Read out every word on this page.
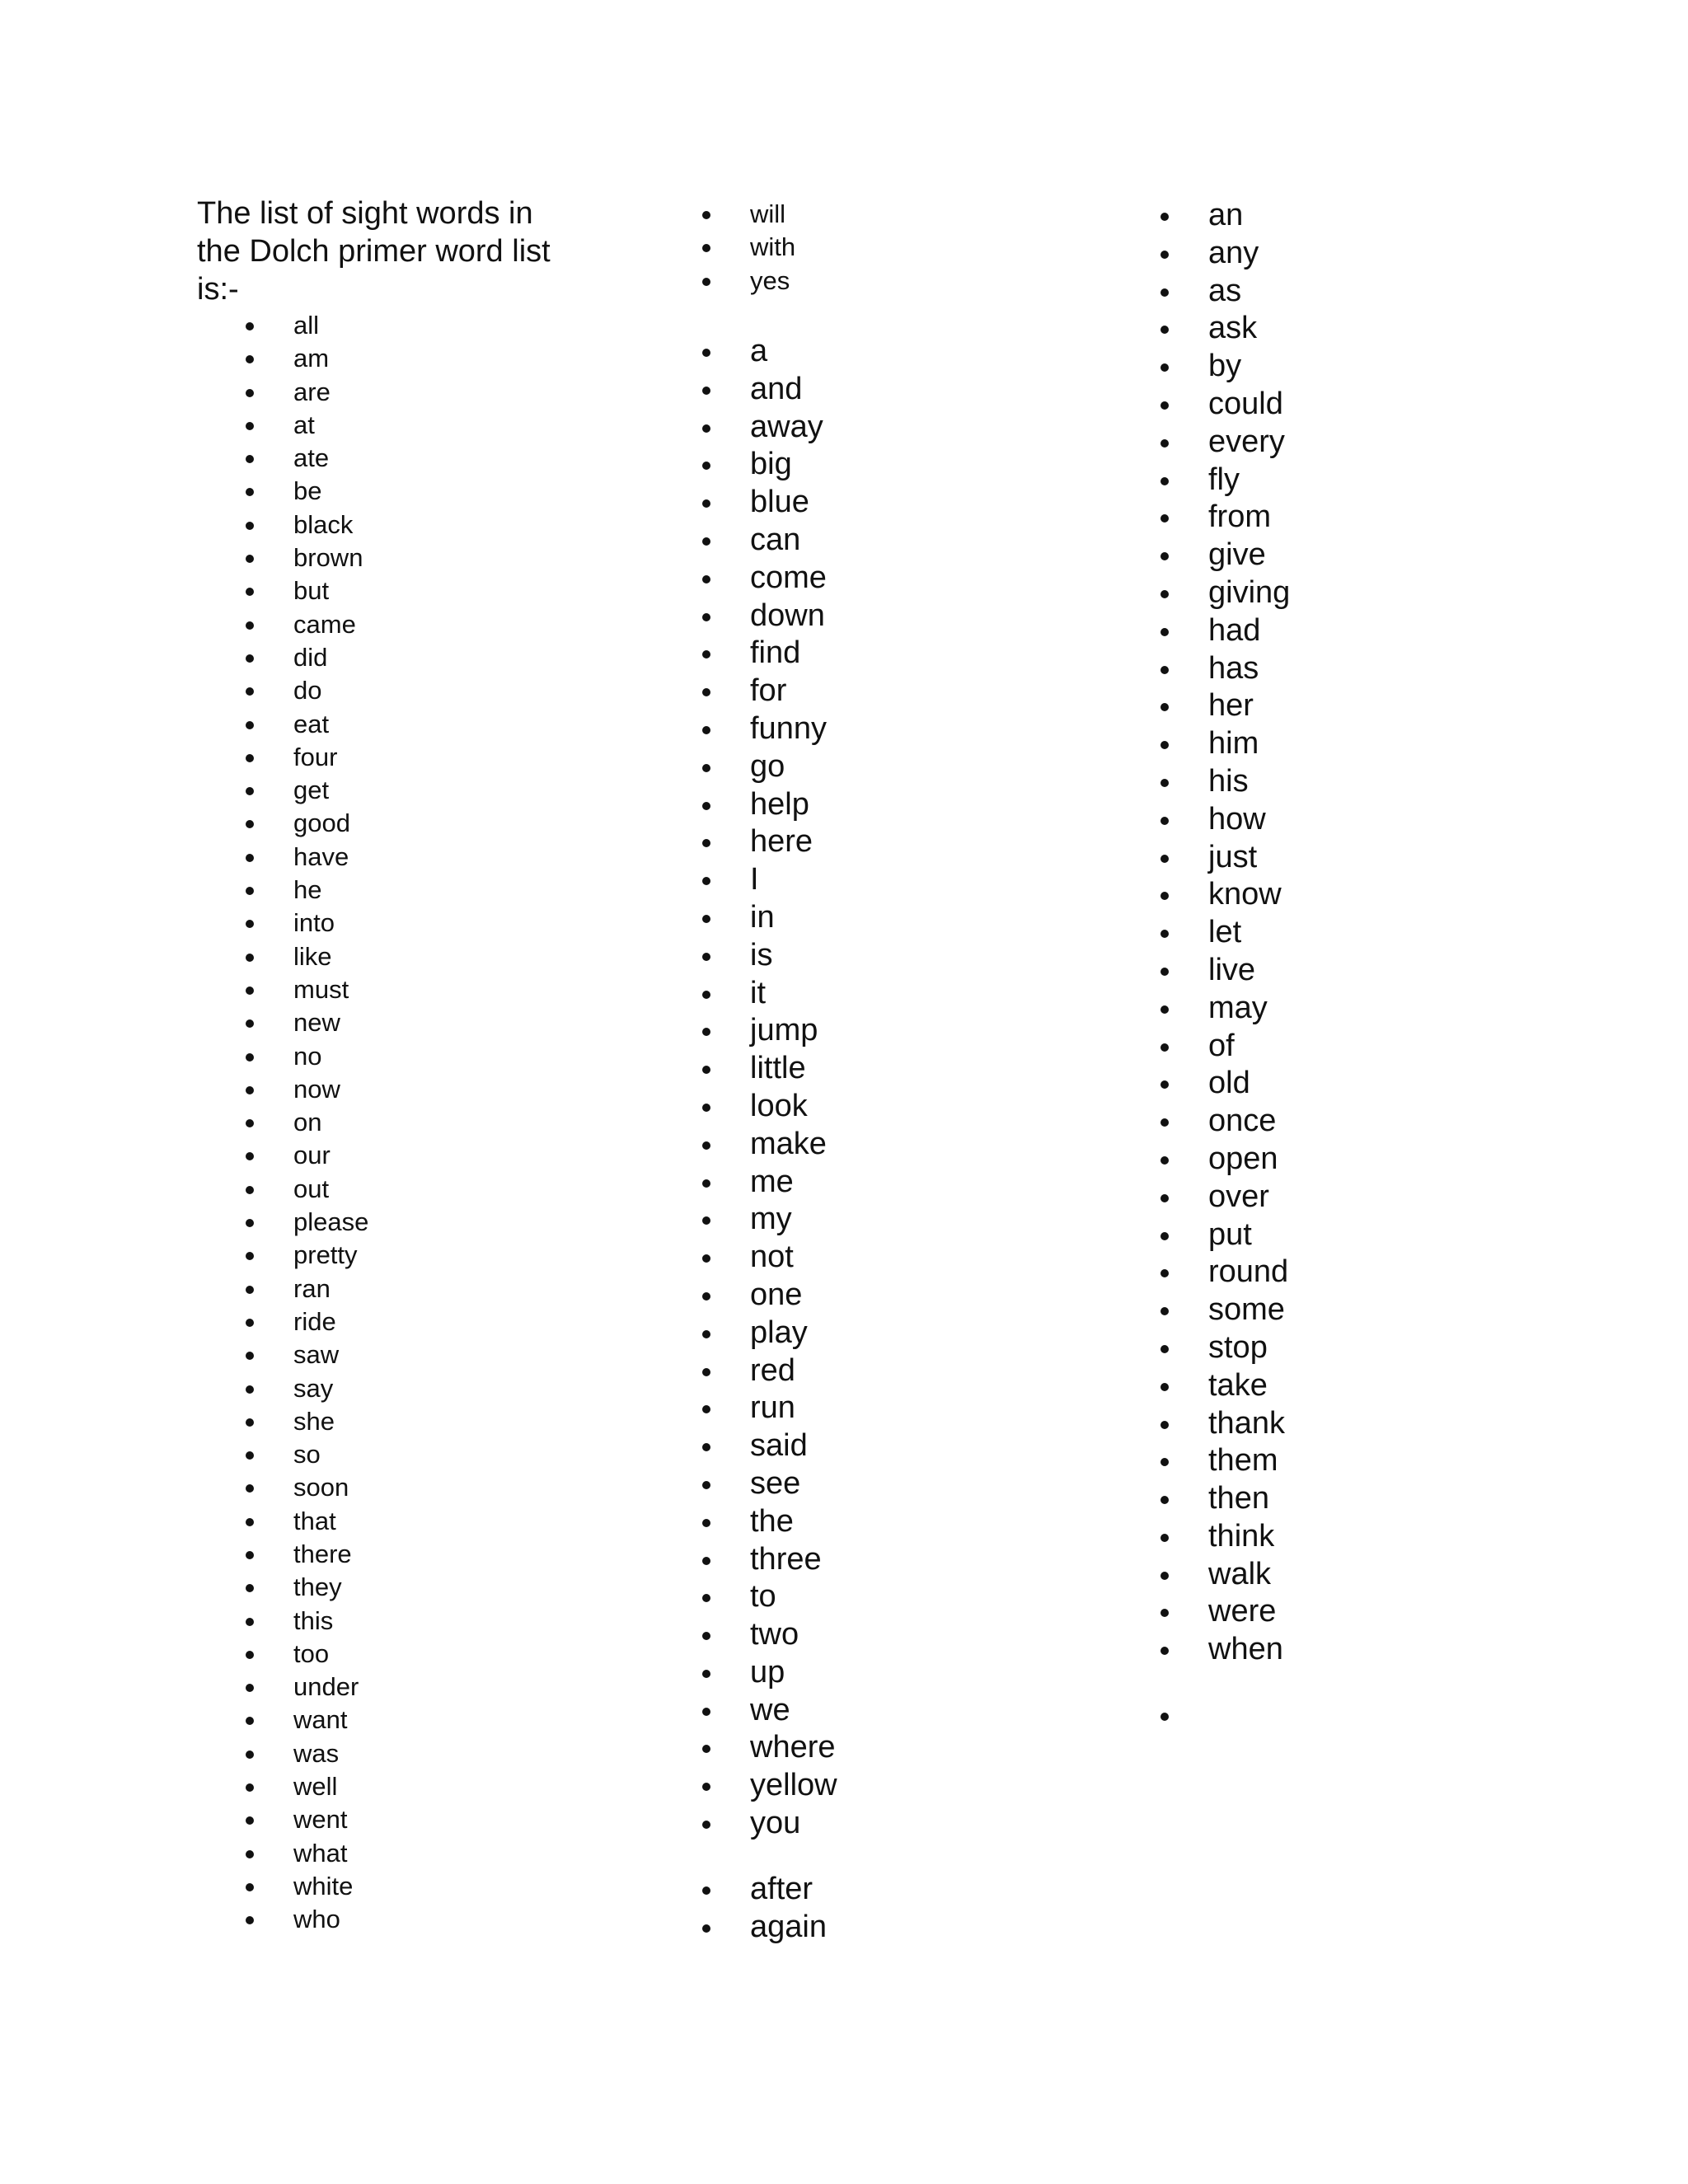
The list of sight words in the Dolch primer word list is:-
all
am
are
at
ate
be
black
brown
but
came
did
do
eat
four
get
good
have
he
into
like
must
new
no
now
on
our
out
please
pretty
ran
ride
saw
say
she
so
soon
that
there
they
this
too
under
want
was
well
went
what
white
who
will
with
yes
a
and
away
big
blue
can
come
down
find
for
funny
go
help
here
I
in
is
it
jump
little
look
make
me
my
not
one
play
red
run
said
see
the
three
to
two
up
we
where
yellow
you
after
again
an
any
as
ask
by
could
every
fly
from
give
giving
had
has
her
him
his
how
just
know
let
live
may
of
old
once
open
over
put
round
some
stop
take
thank
them
then
think
walk
were
when
